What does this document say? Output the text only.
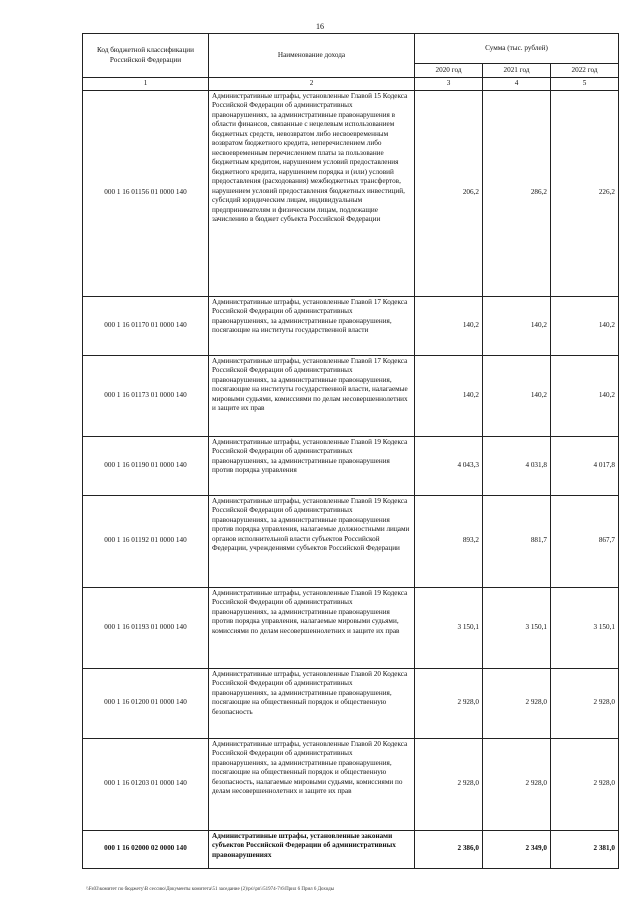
16
Код бюджетной классификации Российской Федерации	Наименование дохода	Сумма (тыс. рублей)		
		2020 год	2021 год	2022 год
1	2	3	4	5
000 1 16 01156 01 0000 140	Административные штрафы, установленные Главой 15 Кодекса Российской Федерации об административных правонарушениях, за административные правонарушения в области финансов, связанные с нецелевым использованием бюджетных средств, невозвратом либо несвоевременным возвратом бюджетного кредита, неперечислением либо несвоевременным перечислением платы за пользование бюджетным кредитом, нарушением условий предоставления бюджетного кредита, нарушением порядка и (или) условий предоставления (расходования) межбюджетных трансфертов, нарушением условий предоставления бюджетных инвестиций, субсидий юридическим лицам, индивидуальным предпринимателям и физическим лицам, подлежащие зачислению в бюджет субъекта Российской Федерации	206,2	286,2	226,2
000 1 16 01170 01 0000 140	Административные штрафы, установленные Главой 17 Кодекса Российской Федерации об административных правонарушениях, за административные правонарушения, посягающие на институты государственной власти	140,2	140,2	140,2
000 1 16 01173 01 0000 140	Административные штрафы, установленные Главой 17 Кодекса Российской Федерации об административных правонарушениях, за административные правонарушения, посягающие на институты государственной власти, налагаемые мировыми судьями, комиссиями по делам несовершеннолетних и защите их прав	140,2	140,2	140,2
000 1 16 01190 01 0000 140	Административные штрафы, установленные Главой 19 Кодекса Российской Федерации об административных правонарушениях, за административные правонарушения против порядка управления	4 043,3	4 031,8	4 017,8
000 1 16 01192 01 0000 140	Административные штрафы, установленные Главой 19 Кодекса Российской Федерации об административных правонарушениях, за административные правонарушения против порядка управления, налагаемые должностными лицами органов исполнительной власти субъектов Российской Федерации, учреждениями субъектов Российской Федерации	893,2	881,7	867,7
000 1 16 01193 01 0000 140	Административные штрафы, установленные Главой 19 Кодекса Российской Федерации об административных правонарушениях, за административные правонарушения против порядка управления, налагаемые мировыми судьями, комиссиями по делам несовершеннолетних и защите их прав	3 150,1	3 150,1	3 150,1
000 1 16 01200 01 0000 140	Административные штрафы, установленные Главой 20 Кодекса Российской Федерации об административных правонарушениях, за административные правонарушения, посягающие на общественный порядок и общественную безопасность	2 928,0	2 928,0	2 928,0
000 1 16 01203 01 0000 140	Административные штрафы, установленные Главой 20 Кодекса Российской Федерации об административных правонарушениях, за административные правонарушения, посягающие на общественный порядок и общественную безопасность, налагаемые мировыми судьями, комиссиями по делам несовершеннолетних и защите их прав	2 928,0	2 928,0	2 928,0
000 1 16 02000 02 0000 140	Административные штрафы, установленные законами субъектов Российской Федерации об административных правонарушениях	2 386,0	2 349,0	2 381,0
\\Fs03\комитет по бюджету\В сессию\Документы комитета\51 заседание (2)\ps\\pn\\51974-7\6\Прил 6 Прил 6 Доходы
